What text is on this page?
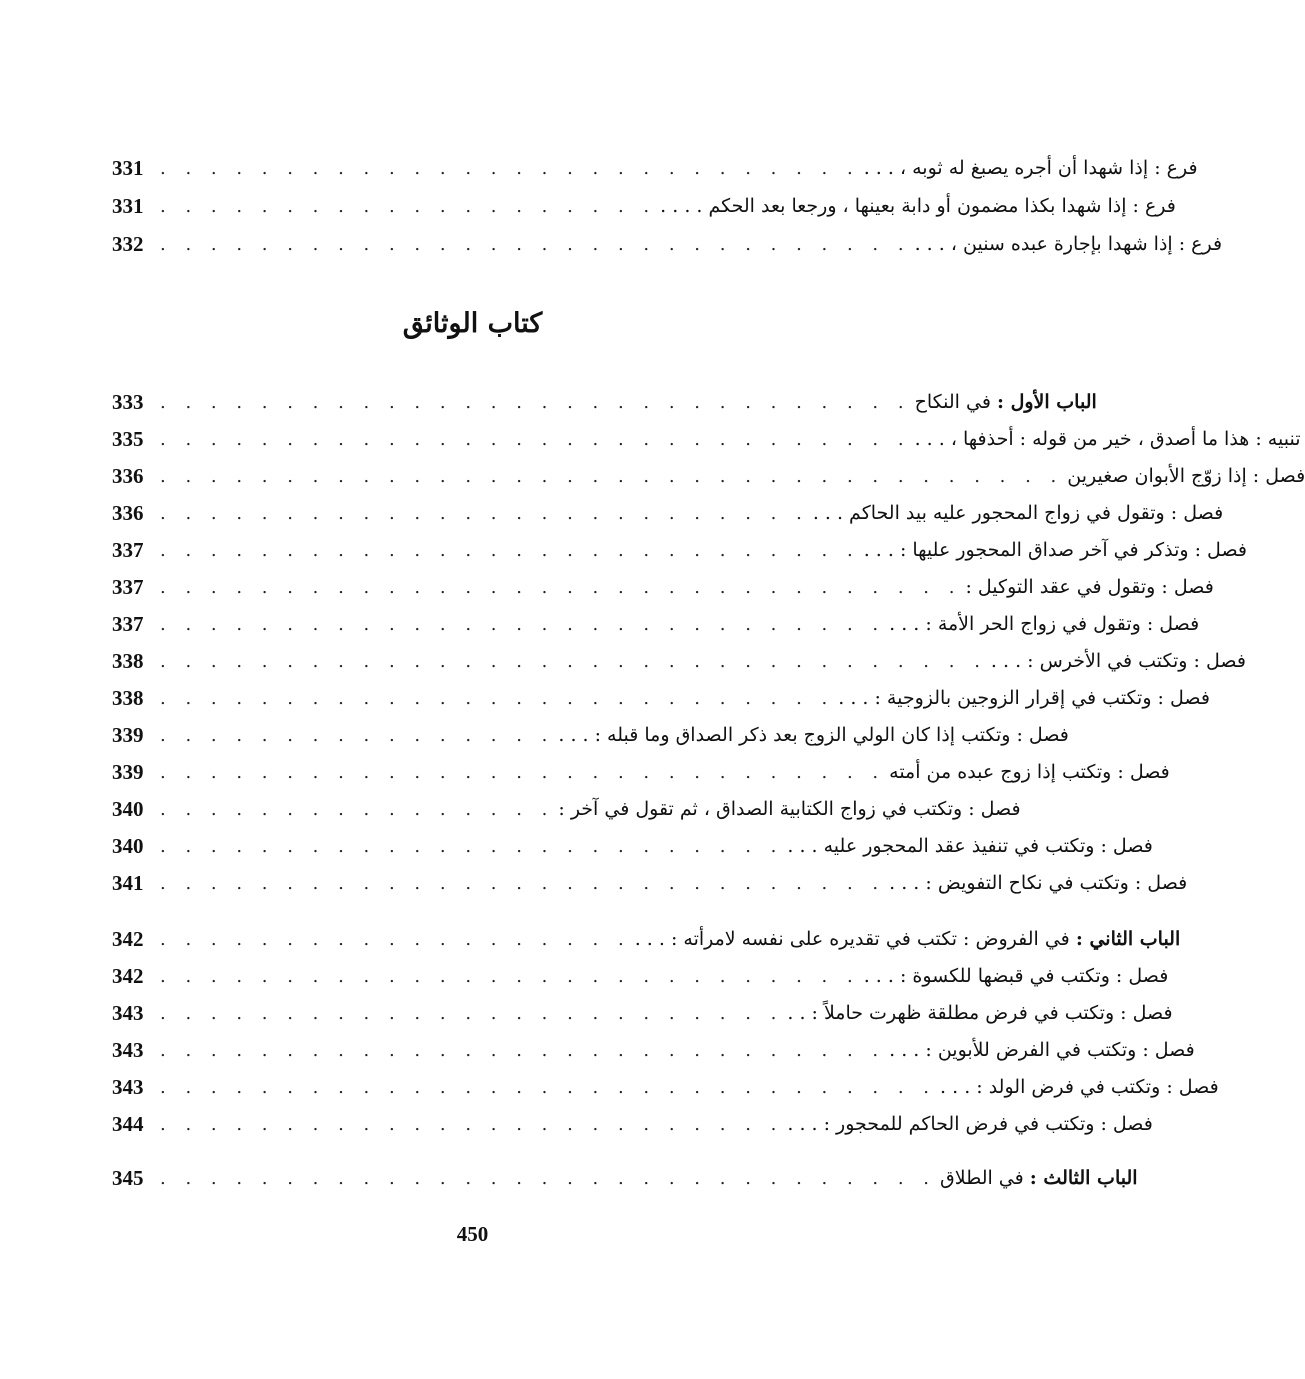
331 . . . . . . . . . . . . . . . . . . . . . . . . . . . . فرع : إذا شهدا أن أجره يصبغ له ثوبه ، . . .
331 . . . . . . . . . . . . . . . . . . . . فرع : إذا شهدا بكذا مضمون أو دابة بعينها ، ورجعا بعد الحكم . . . .
332 . . . . . . . . . . . . . . . . . . . . . . . . . . . . . . فرع : إذا شهدا بإجارة عبده سنين ، . . .
كتاب الوثائق
333 . . . . . . . . . . . . . . . . . . . . . . . . . . . . . .	الباب الأول : في النكاح
335 . . . . . . . . . . . . . . . . . . . . . . . . . . . . . . تنبيه : هذا ما أصدق ، خير من قوله : أحذفها ، . . .
336 . . . . . . . . . . . . . . . . . . . . . . . . . . . . . . . . . . . . فصل : إذا زوّج الأبوان صغيرين
336 . . . . . . . . . . . . . . . . . . . . . . . . . . فصل : وتقول في زواج المحجور عليه بيد الحاكم . . .
337 . . . . . . . . . . . . . . . . . . . . . . . . . . . . فصل : وتذكر في آخر صداق المحجور عليها : . . .
337 . . . . . . . . . . . . . . . . . . . . . . . . . . . . . . . . فصل : وتقول في عقد التوكيل :
337 . . . . . . . . . . . . . . . . . . . . . . . . . . . . . فصل : وتقول في زواج الحر الأمة : . . .
338 . . . . . . . . . . . . . . . . . . . . . . . . . . . . . . . . . فصل : وتكتب في الأخرس : . . .
338 . . . . . . . . . . . . . . . . . . . . . . . . . . . فصل : وتكتب في إقرار الزوجين بالزوجية : . . .
339 . . . . . . . . . . . . . . . . فصل : وتكتب إذا كان الولي الزوج بعد ذكر الصداق وما قبله : . . .
339 . . . . . . . . . . . . . . . . . . . . . . . . . . . . . فصل : وتكتب إذا زوج عبده من أمته
340 . . . . . . . . . . . . . . . . فصل : وتكتب في زواج الكتابية الصداق ، ثم تقول في آخر :
340 . . . . . . . . . . . . . . . . . . . . . . . . . فصل : وتكتب في تنفيذ عقد المحجور عليه . . .
341 . . . . . . . . . . . . . . . . . . . . . . . . . . . . . فصل : وتكتب في نكاح التفويض : . . .
342 . . . . . . . . . . . . . . . . . . .	الباب الثاني : في الفروض : تكتب في تقديره على نفسه لامرأته : . . .
342 . . . . . . . . . . . . . . . . . . . . . . . . . . . . فصل : وتكتب في قبضها للكسوة : . . .
343 . . . . . . . . . . . . . . . . . . . . . . . . . فصل : وتكتب في فرض مطلقة ظهرت حاملاً : . .
343 . . . . . . . . . . . . . . . . . . . . . . . . . . . . . فصل : وتكتب في الفرض للأبوين : . . .
343 . . . . . . . . . . . . . . . . . . . . . . . . . . . . . . . فصل : وتكتب في فرض الولد : . . .
344 . . . . . . . . . . . . . . . . . . . . . . . . . فصل : وتكتب في فرض الحاكم للمحجور : . . .
345 . . . . . . . . . . . . . . . . . . . . . . . . . . . . . . .	الباب الثالث : في الطلاق
450
